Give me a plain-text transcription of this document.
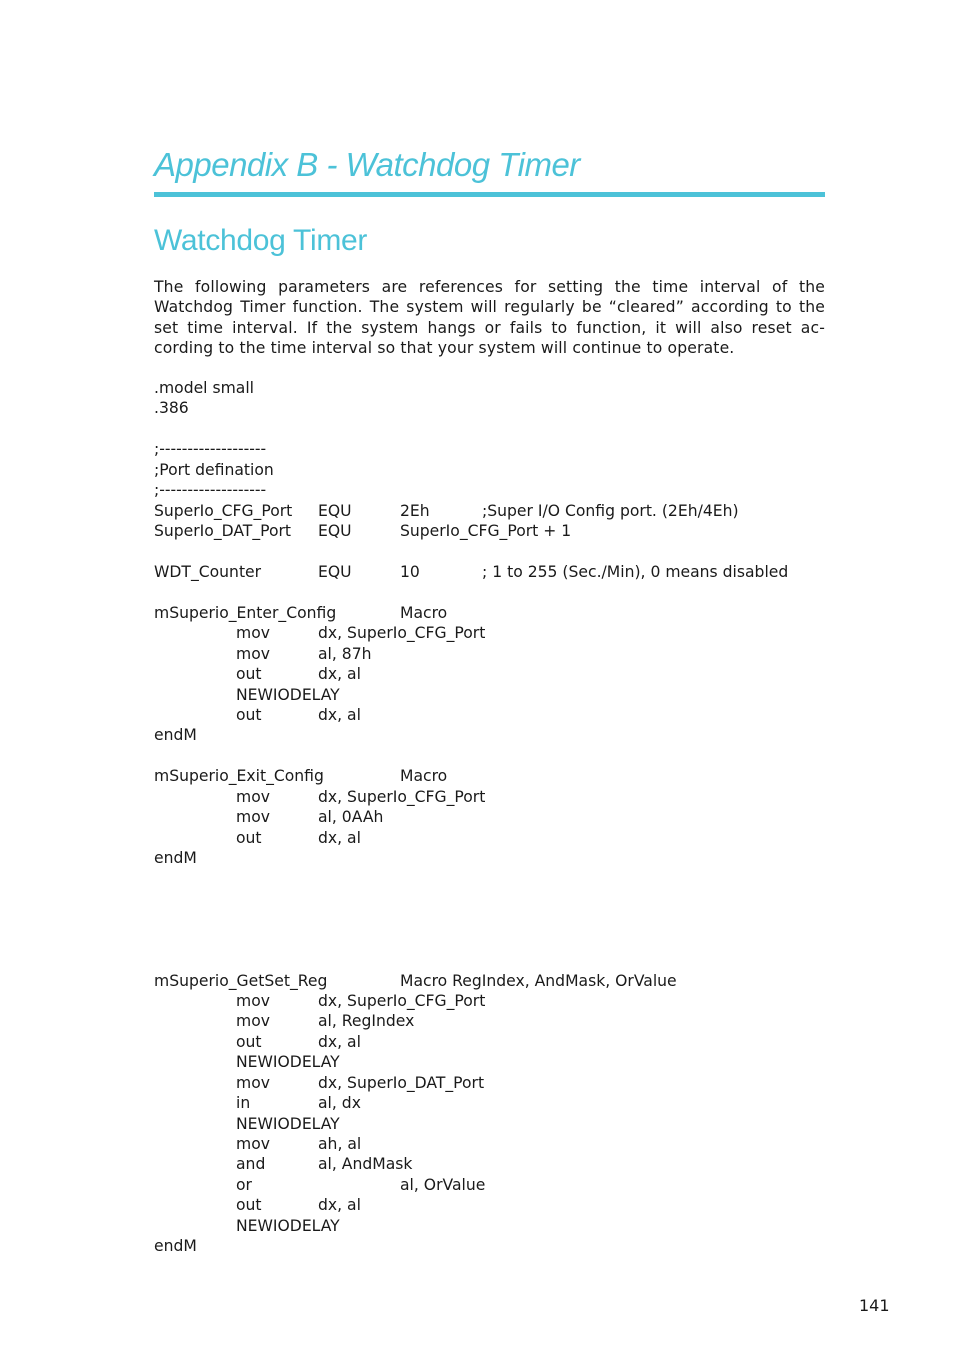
Appendix B - Watchdog Timer
Watchdog Timer

The following parameters are references for setting the time interval of the Watchdog Timer function. The system will regularly be “cleared” according to the set time interval. If the system hangs or fails to function, it will also reset ac-cording to the time interval so that your system will continue to operate.

.model small
.386
;-------------------
;Port defination
;-------------------
SuperIo_CFG_Port EQU	2Eh	;Super I/O Config port. (2Eh/4Eh)
SuperIo_DAT_Port EQU	SuperIo_CFG_Port + 1
WDT_Counter	EQU	10	; 1 to 255 (Sec./Min), 0 means disabled
mSuperio_Enter_Config	Macro
mov	dx, SuperIo_CFG_Port
mov	al, 87h
out	dx, al
NEWIODELAY
out	dx, al
endM
mSuperio_Exit_Config	Macro
mov	dx, SuperIo_CFG_Port
mov	al, 0AAh
out	dx, al
endM
mSuperio_GetSet_Reg	Macro RegIndex, AndMask, OrValue
mov	dx, SuperIo_CFG_Port
mov	al, RegIndex
out	dx, al
NEWIODELAY
mov	dx, SuperIo_DAT_Port
in	al, dx
NEWIODELAY
mov	ah, al
and	al, AndMask
or	al, OrValue
out	dx, al
NEWIODELAY
endM
141
